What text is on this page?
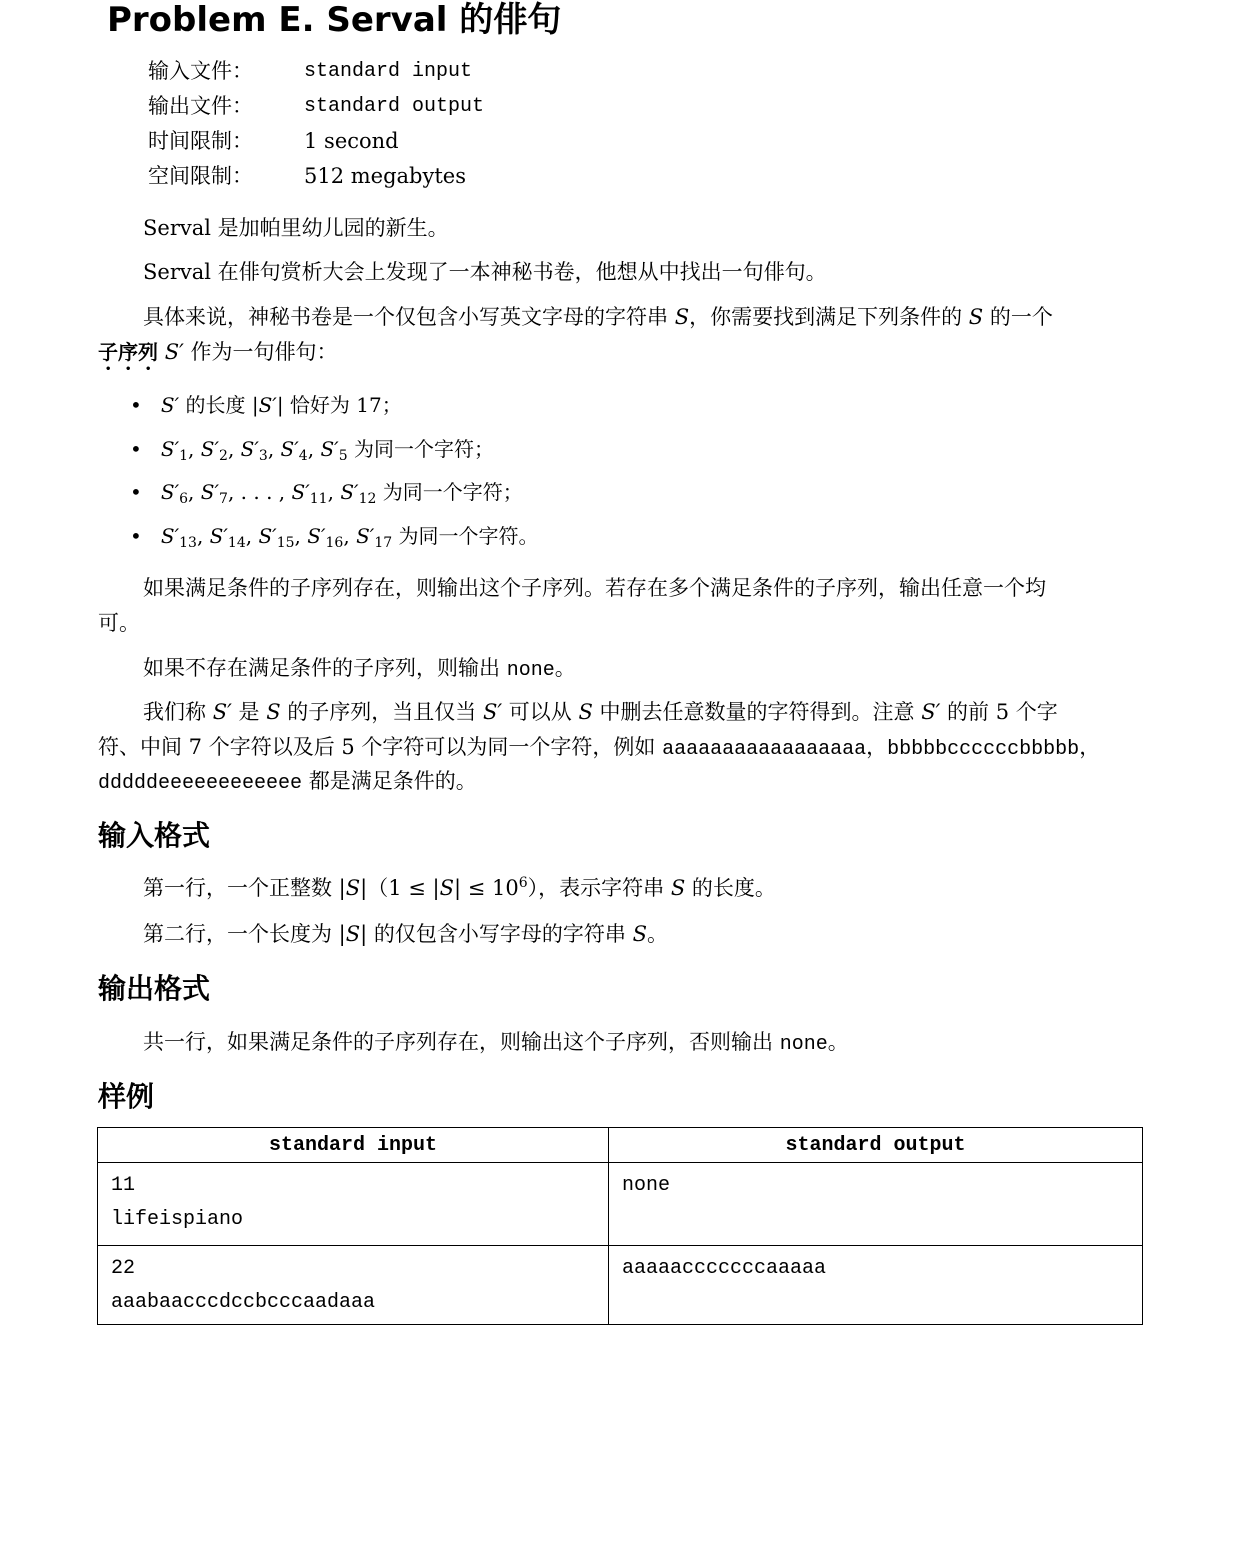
Problem E. Serval 的俳句
输入文件：	standard input
输出文件：	standard output
时间限制： 1 second
空间限制： 512 megabytes
Serval 是加帕里幼儿园的新生。
Serval 在俳句赏析大会上发现了一本神秘书卷，他想从中找出一句俳句。
具体来说，神秘书卷是一个仅包含小写英文字母的字符串 S，你需要找到满足下列条件的 S 的一个
子序列 S′ 作为一句俳句：
•   S′ 的长度 |S′| 恰好为 17；
•   $S'_1$, $S'_2$, $S'_3$, $S'_4$, $S'_5$ 为同一个字符；
•   $S'_6$, $S'_7$, . . . , $S'_{11}$, $S'_{12}$ 为同一个字符；
•   $S'_{13}$, $S'_{14}$, $S'_{15}$, $S'_{16}$, $S'_{17}$ 为同一个字符。
如果满足条件的子序列存在，则输出这个子序列。若存在多个满足条件的子序列，输出任意一个均
可。
如果不存在满足条件的子序列，则输出 none。
我们称 S′ 是 S 的子序列，当且仅当 S′ 可以从 S 中删去任意数量的字符得到。注意 S′ 的前 5 个字
符、中间 7 个字符以及后 5 个字符可以为同一个字符，例如 aaaaaaaaaaaaaaaaa，bbbbbccccccbbbbb，
dddddeeeeeeeeeeee 都是满足条件的。
输入格式
第一行，一个正整数 $|S|(1 \le |S| \le 10^6)$，表示字符串 S 的长度。
第二行，一个长度为 |S| 的仅包含小写字母的字符串 S。
输出格式
共一行，如果满足条件的子序列存在，则输出这个子序列，否则输出 none。
样例
standard input	standard output

11
lifeispiano	none

22
aaabaacccdccbcccaadaaa	aaaaacccccccaaaaa
